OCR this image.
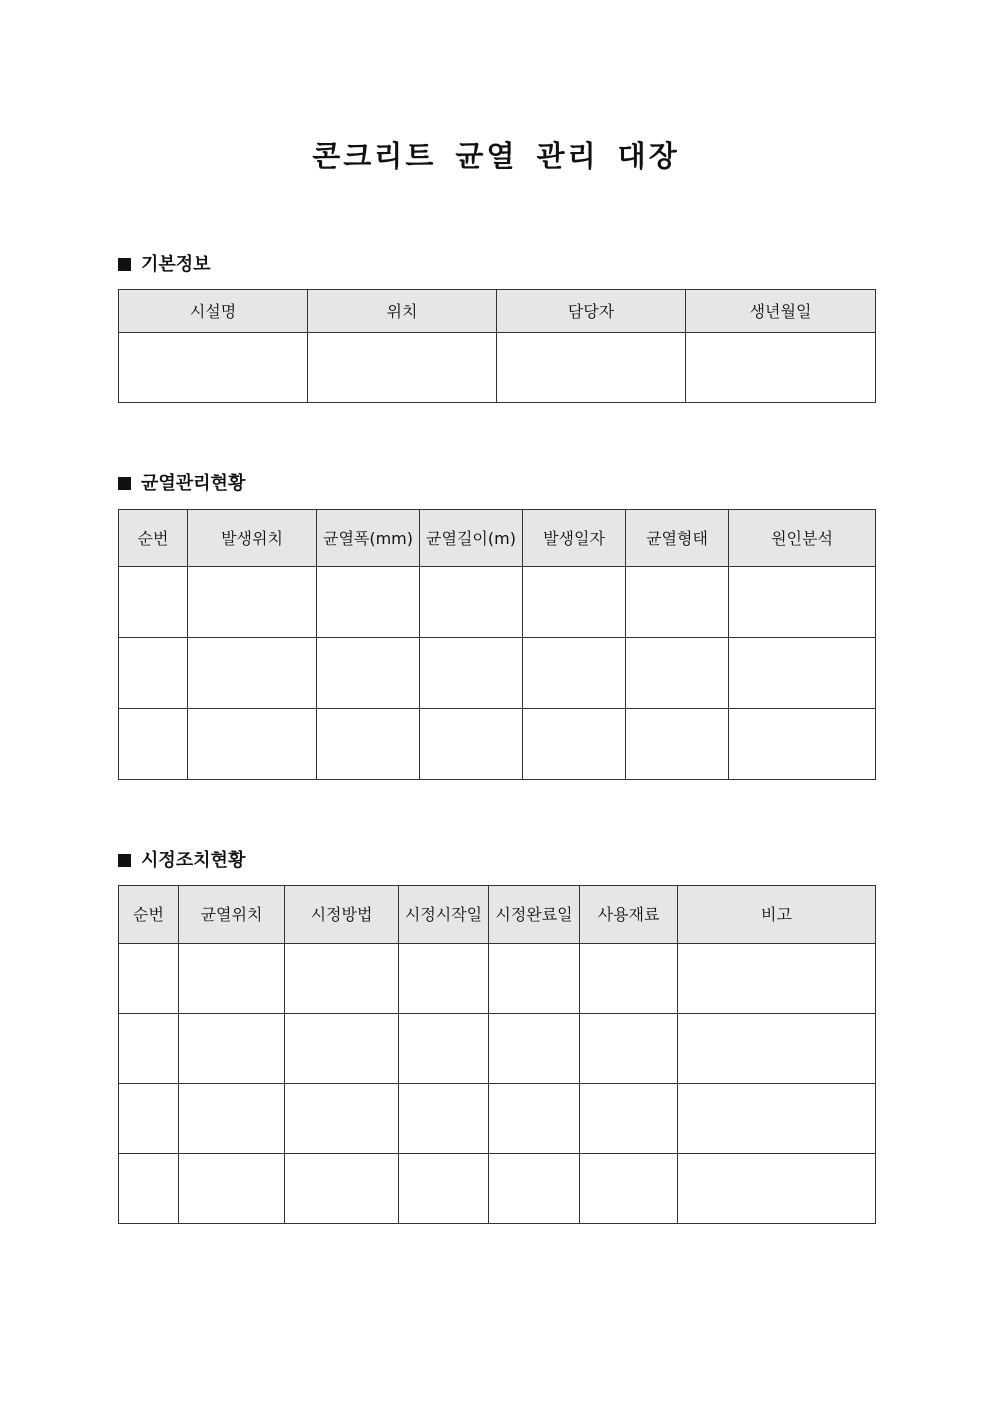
콘크리트 균열 관리 대장
기본정보
시설명	위치	담당자	생년월일

균열관리현황
순번	발생위치	균열폭(mm)	균열길이(m)	발생일자	균열형태	원인분석

시정조치현황
순번	균열위치	시정방법	시정시작일	시정완료일	사용재료	비고
